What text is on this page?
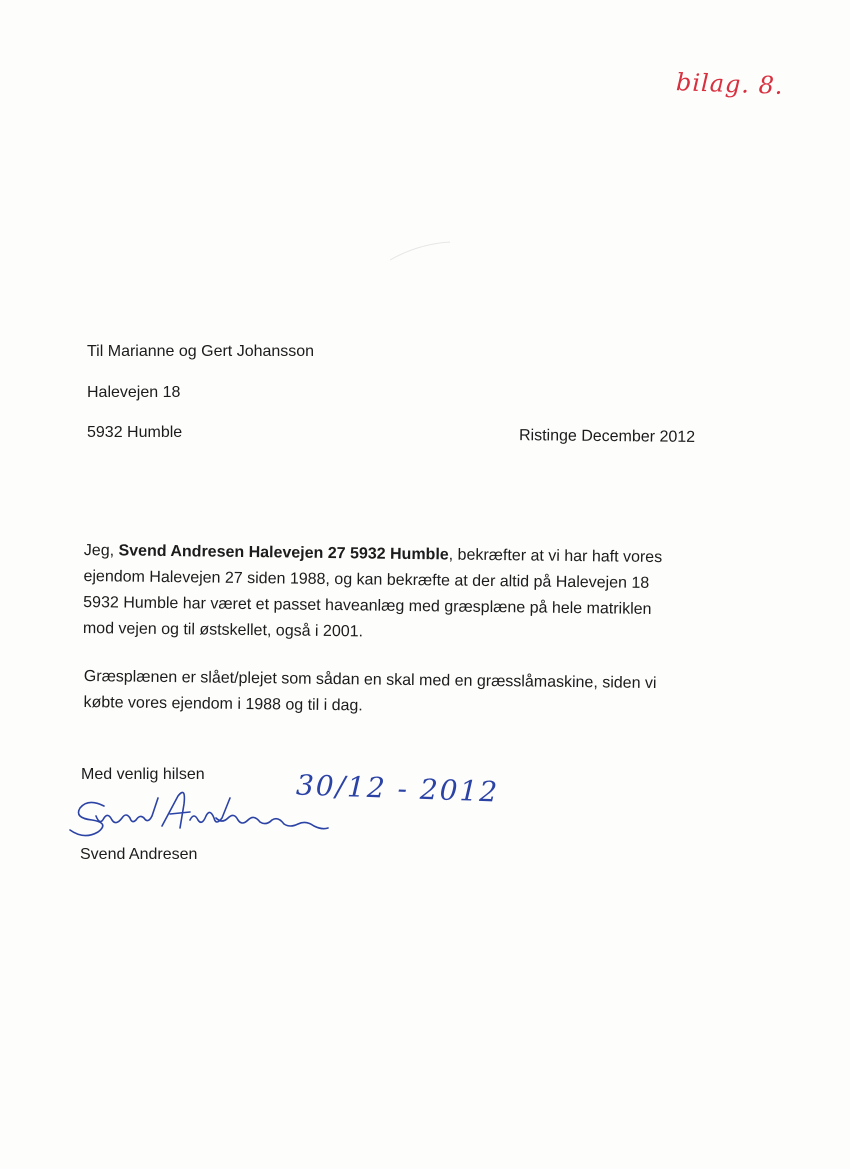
bilag. 8.
Til Marianne og Gert Johansson
Halevejen 18
5932 Humble	Ristinge December 2012
Jeg, Svend Andresen Halevejen 27 5932 Humble, bekræfter at vi har haft vores
ejendom Halevejen 27 siden 1988, og kan bekræfte at der altid på Halevejen 18
5932 Humble har været et passet haveanlæg med græsplæne på hele matriklen
mod vejen og til østskellet, også i 2001.
Græsplænen er slået/plejet som sådan en skal med en græsslåmaskine, siden vi
købte vores ejendom i 1988 og til i dag.
Med venlig hilsen	30/12 - 2012
Svend Andresen
